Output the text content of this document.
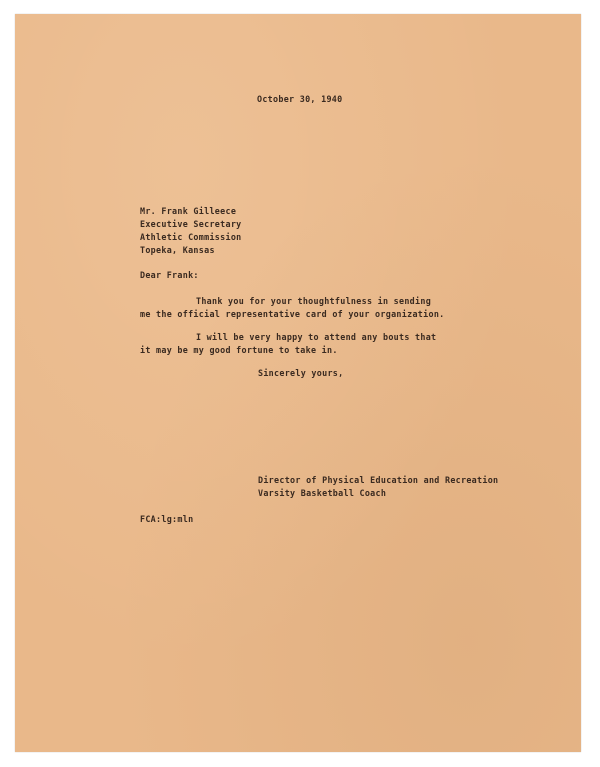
October 30, 1940
Mr. Frank Gilleece
Executive Secretary
Athletic Commission
Topeka, Kansas
Dear Frank:
Thank you for your thoughtfulness in sending
me the official representative card of your organization.
I will be very happy to attend any bouts that
it may be my good fortune to take in.
Sincerely yours,
Director of Physical Education and Recreation
Varsity Basketball Coach
FCA:lg:mln
